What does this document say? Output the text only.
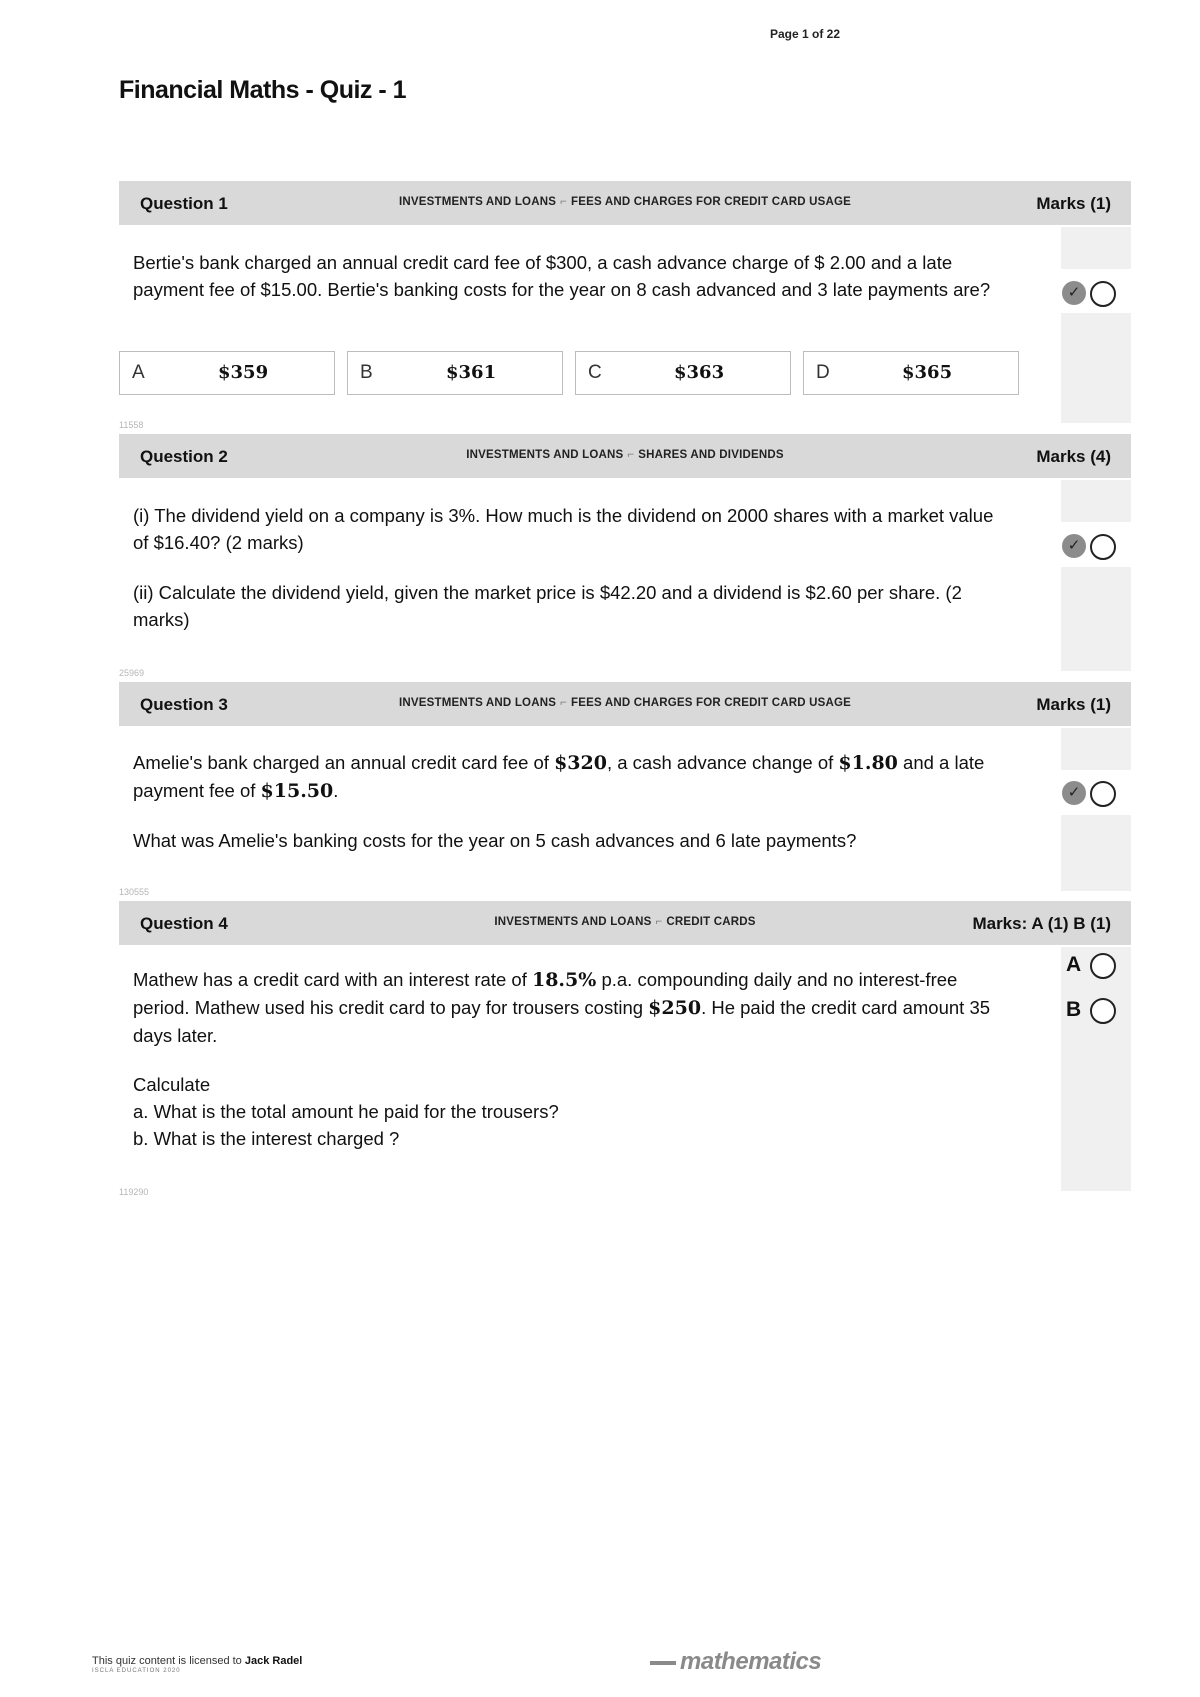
Page 1 of 22
Financial Maths - Quiz - 1
Question 1	INVESTMENTS AND LOANS ⌐ FEES AND CHARGES FOR CREDIT CARD USAGE	Marks (1)
✓
Bertie's bank charged an annual credit card fee of $300, a cash advance charge of $ 2.00 and a late payment fee of $15.00. Bertie's banking costs for the year on 8 cash advanced and 3 late payments are?
A	$359	B	$361	C	$363	D	$365
11558
Question 2	INVESTMENTS AND LOANS ⌐ SHARES AND DIVIDENDS	Marks (4)
✓

(i) The dividend yield on a company is 3%. How much is the dividend on 2000 shares with a market value of $16.40? (2 marks)

(ii) Calculate the dividend yield, given the market price is $42.20 and a dividend is $2.60 per share. (2 marks)

25969
Question 3	INVESTMENTS AND LOANS ⌐ FEES AND CHARGES FOR CREDIT CARD USAGE	Marks (1)
✓

Amelie's bank charged an annual credit card fee of $320, a cash advance change of $1.80 and a late payment fee of $15.50.

What was Amelie's banking costs for the year on 5 cash advances and 6 late payments?

130555
Question 4	INVESTMENTS AND LOANS ⌐ CREDIT CARDS	Marks: A (1) B (1)
A
B

Mathew has a credit card with an interest rate of 18.5% p.a. compounding daily and no interest-free period. Mathew used his credit card to pay for trousers costing $250. He paid the credit card amount 35 days later.

Calculate

a. What is the total amount he paid for the trousers?

b. What is the interest charged ?

119290
This quiz content is licensed to Jack Radel
ISCLA EDUCATION 2020	mathematics
